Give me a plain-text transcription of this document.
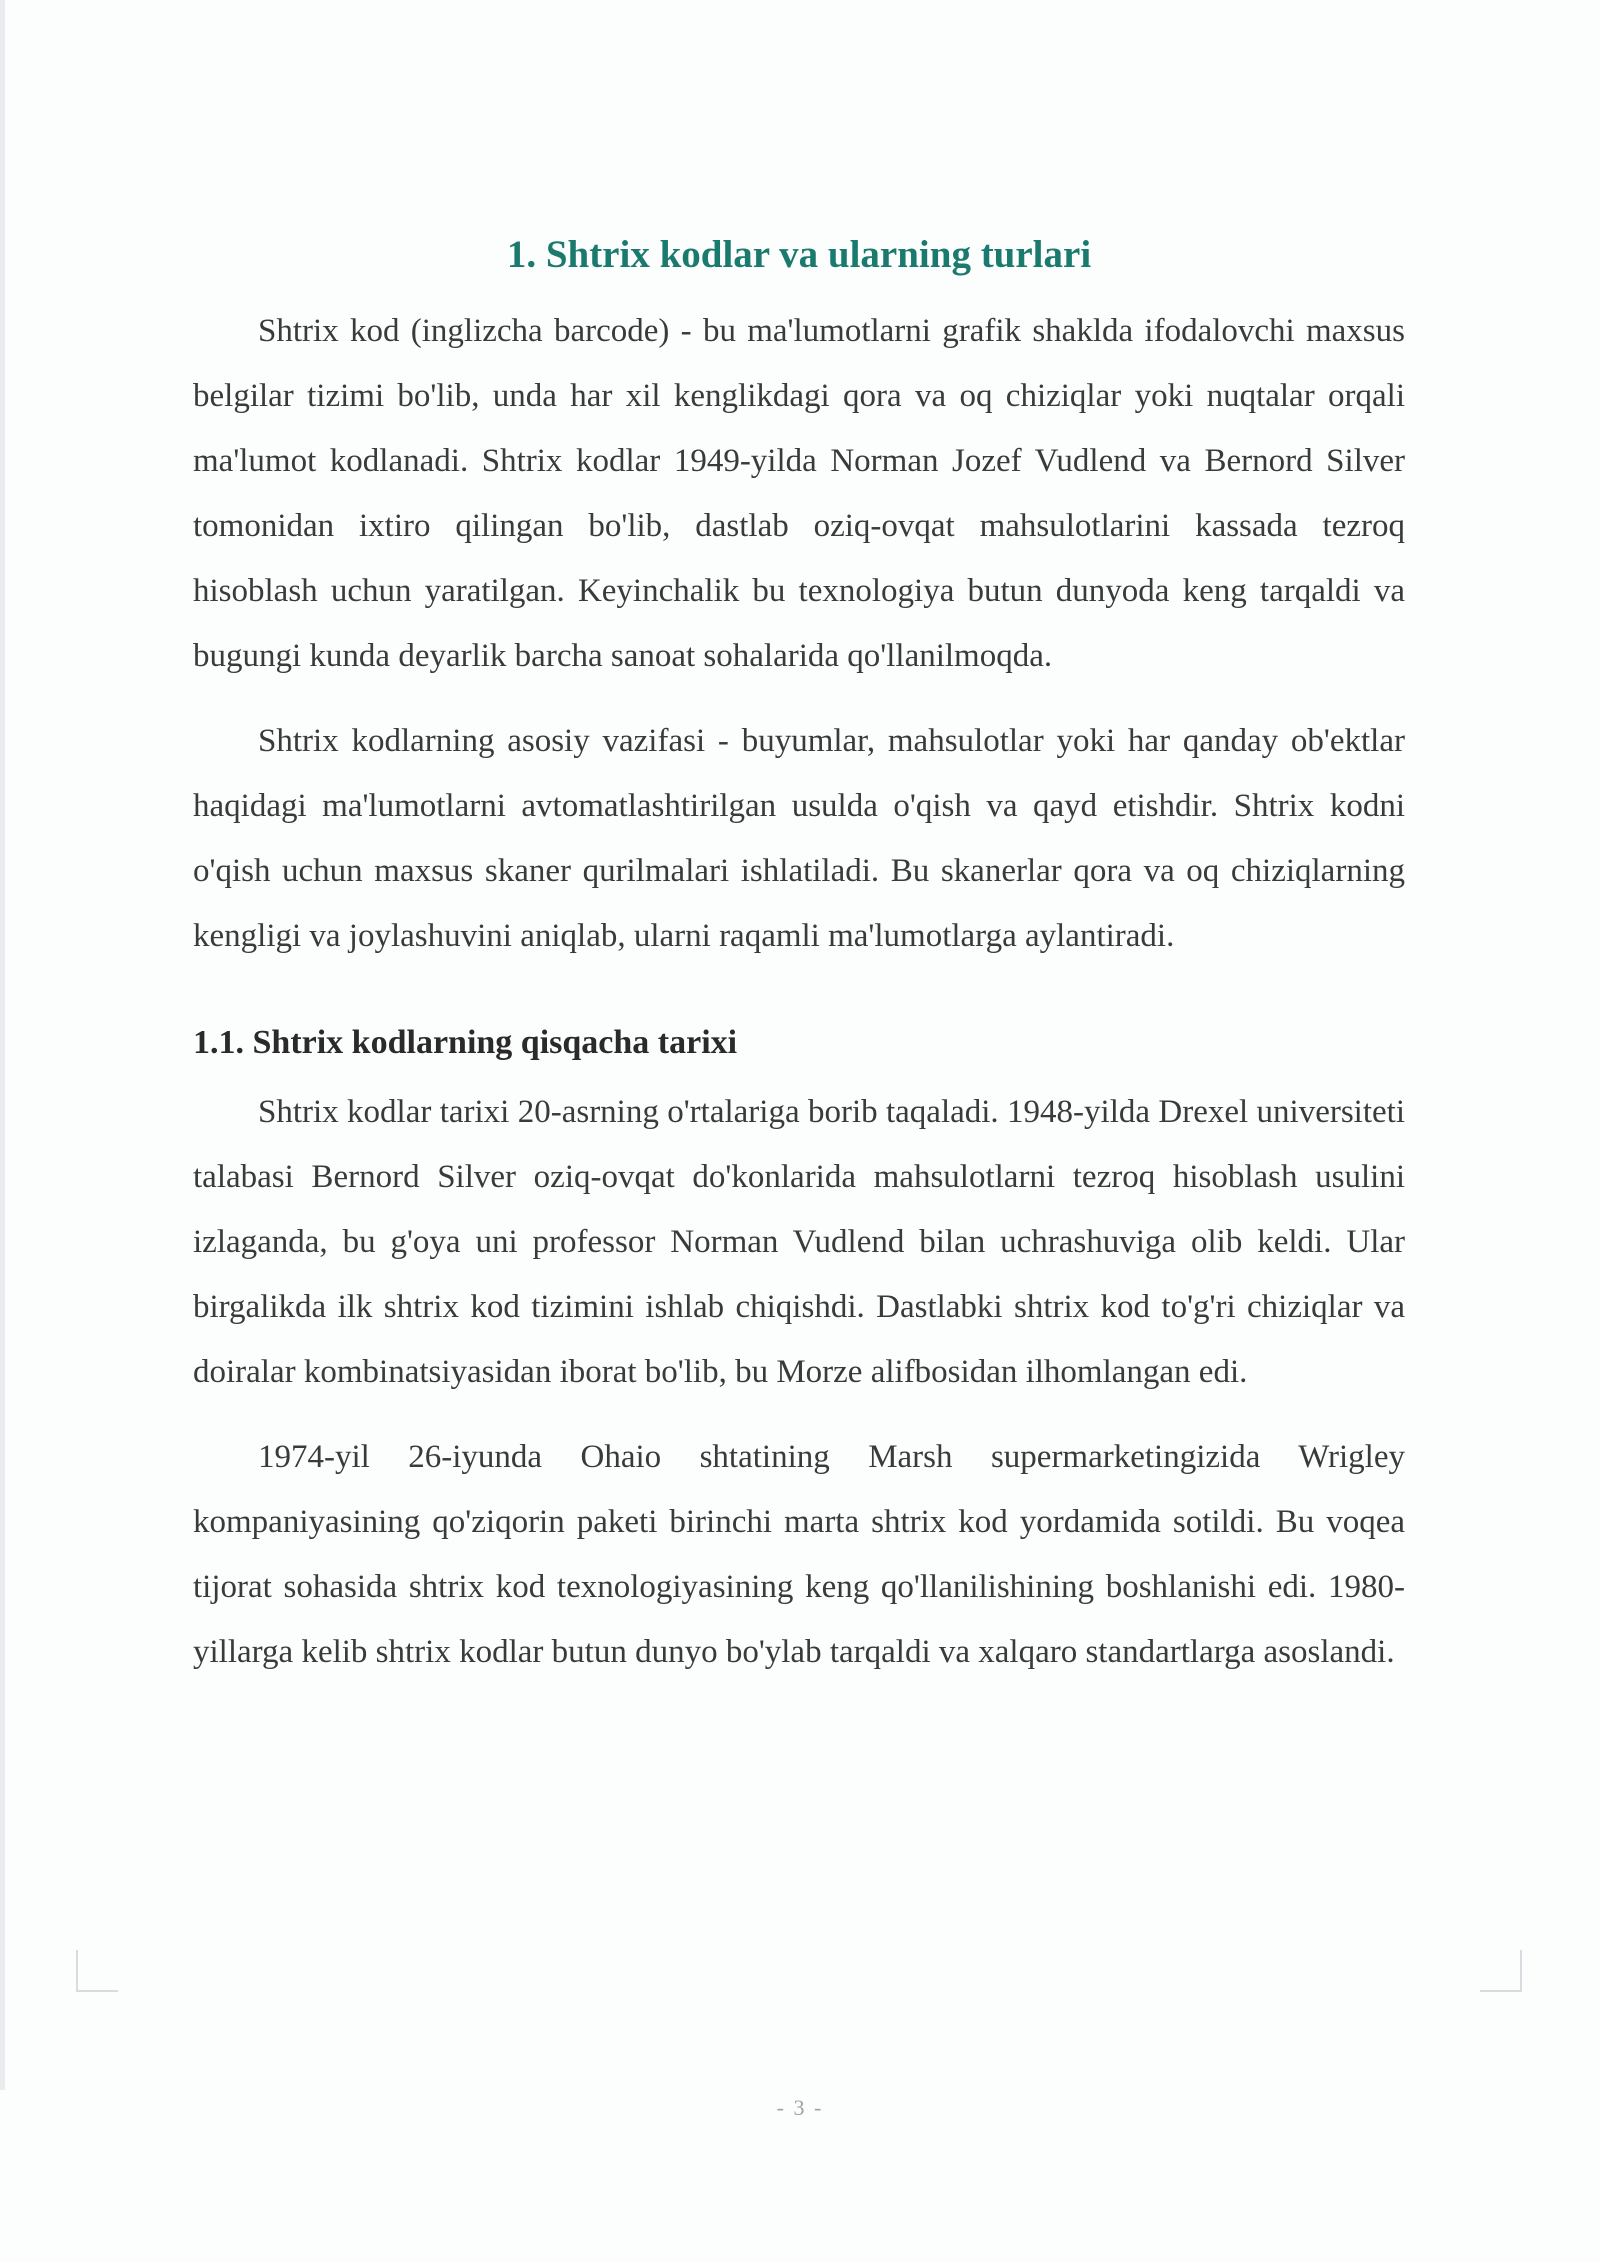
1. Shtrix kodlar va ularning turlari

Shtrix kod (inglizcha barcode) - bu ma'lumotlarni grafik shaklda ifodalovchi maxsus belgilar tizimi bo'lib, unda har xil kenglikdagi qora va oq chiziqlar yoki nuqtalar orqali ma'lumot kodlanadi. Shtrix kodlar 1949-yilda Norman Jozef Vudlend va Bernord Silver tomonidan ixtiro qilingan bo'lib, dastlab oziq-ovqat mahsulotlarini kassada tezroq hisoblash uchun yaratilgan. Keyinchalik bu texnologiya butun dunyoda keng tarqaldi va bugungi kunda deyarlik barcha sanoat sohalarida qo'llanilmoqda.

Shtrix kodlarning asosiy vazifasi - buyumlar, mahsulotlar yoki har qanday ob'ektlar haqidagi ma'lumotlarni avtomatlashtirilgan usulda o'qish va qayd etishdir. Shtrix kodni o'qish uchun maxsus skaner qurilmalari ishlatiladi. Bu skanerlar qora va oq chiziqlarning kengligi va joylashuvini aniqlab, ularni raqamli ma'lumotlarga aylantiradi.

1.1. Shtrix kodlarning qisqacha tarixi

Shtrix kodlar tarixi 20-asrning o'rtalariga borib taqaladi. 1948-yilda Drexel universiteti talabasi Bernord Silver oziq-ovqat do'konlarida mahsulotlarni tezroq hisoblash usulini izlaganda, bu g'oya uni professor Norman Vudlend bilan uchrashuviga olib keldi. Ular birgalikda ilk shtrix kod tizimini ishlab chiqishdi. Dastlabki shtrix kod to'g'ri chiziqlar va doiralar kombinatsiyasidan iborat bo'lib, bu Morze alifbosidan ilhomlangan edi.

1974-yil 26-iyunda Ohaio shtatining Marsh supermarketingizida Wrigley kompaniyasining qo'ziqorin paketi birinchi marta shtrix kod yordamida sotildi. Bu voqea tijorat sohasida shtrix kod texnologiyasining keng qo'llanilishining boshlanishi edi. 1980-yillarga kelib shtrix kodlar butun dunyo bo'ylab tarqaldi va xalqaro standartlarga asoslandi.

- 3 -
